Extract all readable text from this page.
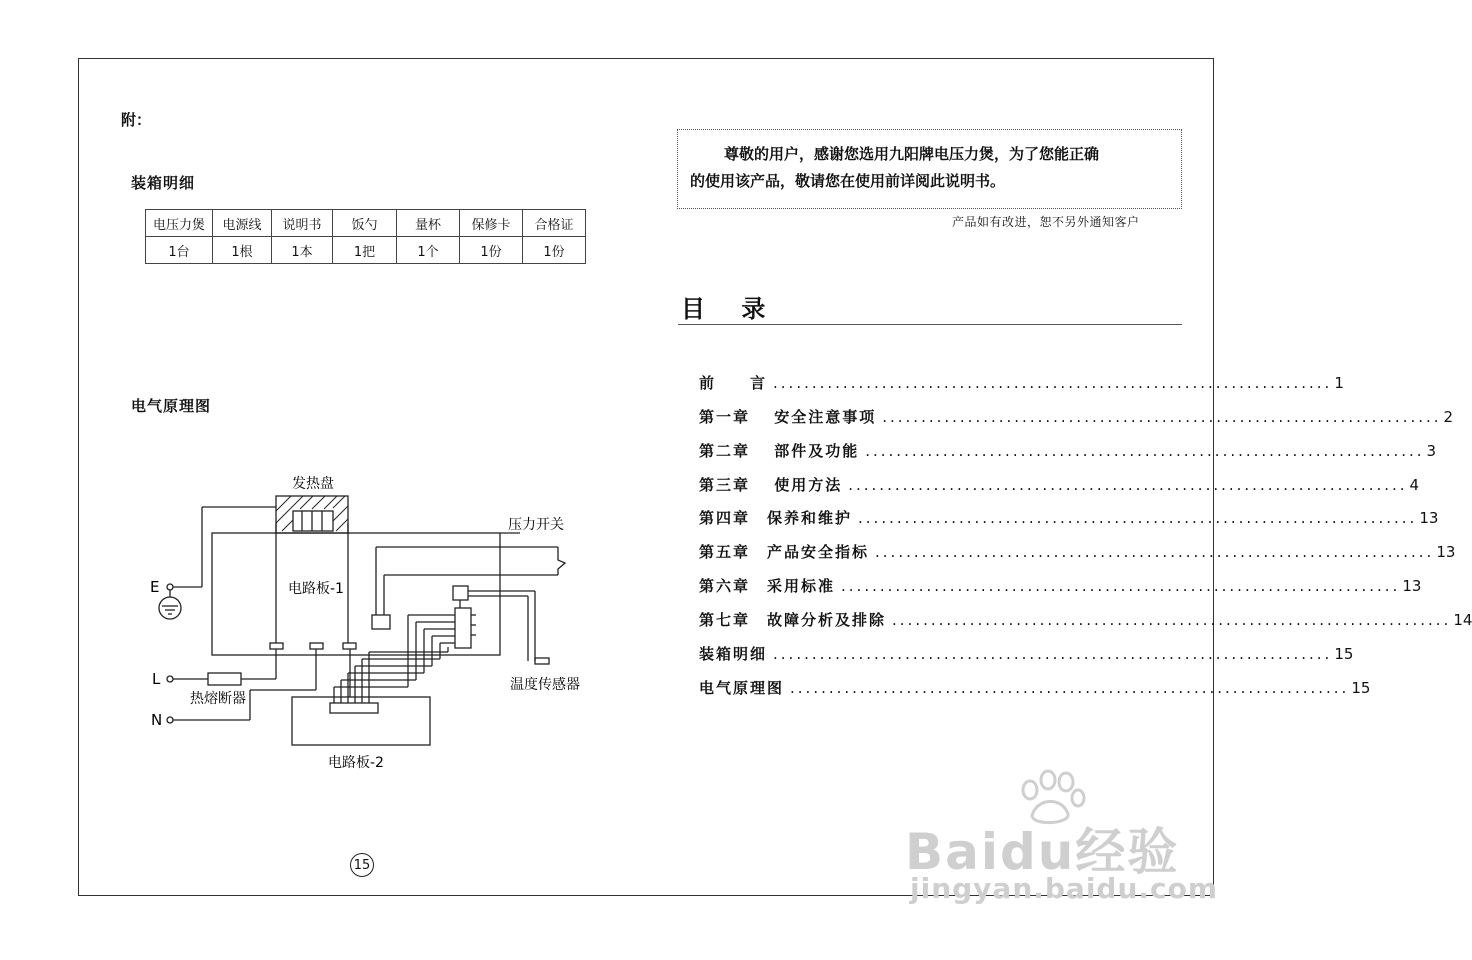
附：
装箱明细
电压力煲	电源线	说明书	饭勺	量杯	保修卡	合格证
1台	1根	1本	1把	1个	1份	1份
电气原理图
发热盘
压力开关
电路板-1
温度传感器
热熔断器
电路板-2
E
L
N
15
尊敬的用户，感谢您选用九阳牌电压力煲，为了您能正确
的使用该产品，敬请您在使用前详阅此说明书。
产品如有改进，恕不另外通知客户
目 录
前　　言 ........................................................................ 1
第一章　 安全注意事项 ........................................................................ 2
第二章　 部件及功能 ........................................................................ 3
第三章　 使用方法 ........................................................................ 4
第四章　保养和维护 ........................................................................ 13
第五章　产品安全指标 ........................................................................ 13
第六章　采用标准 ........................................................................ 13
第七章　故障分析及排除 ........................................................................ 14
装箱明细 ........................................................................ 15
电气原理图 ........................................................................ 15
Baidu经验
jingyan.baidu.com
